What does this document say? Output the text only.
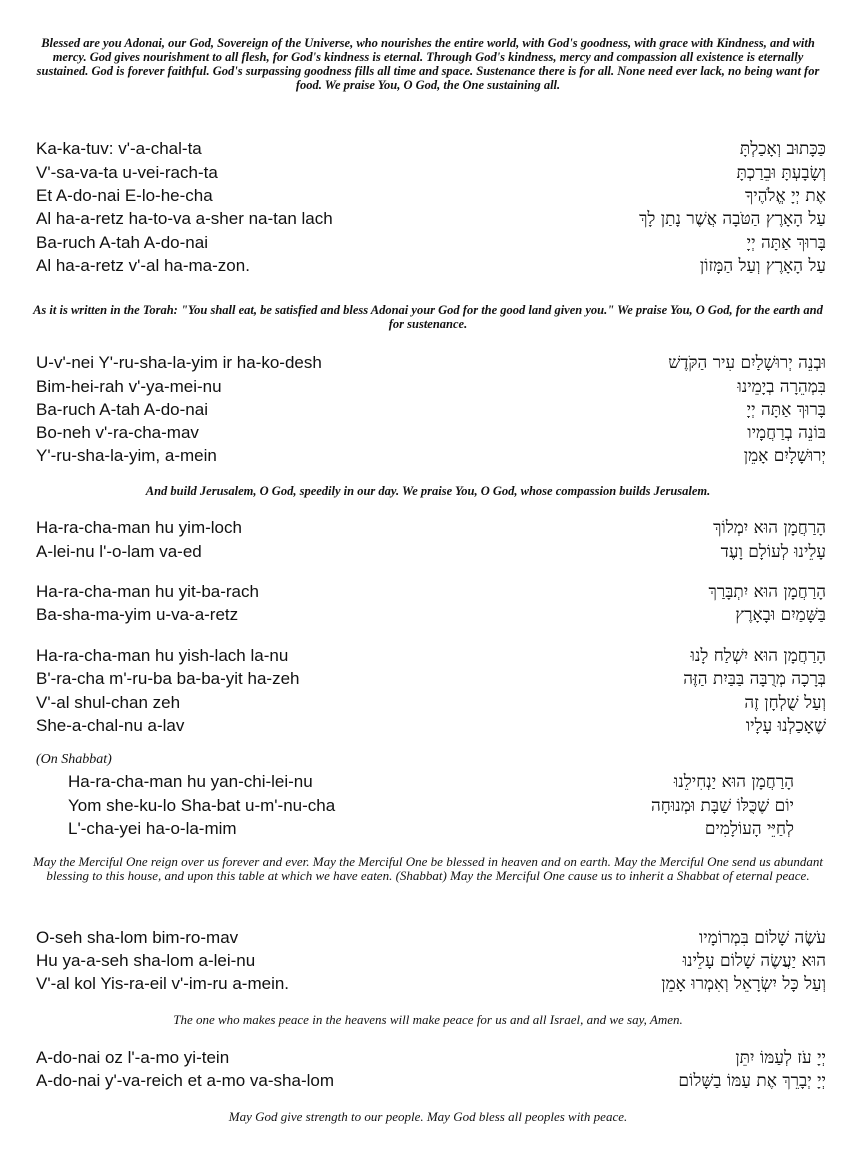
Blessed are you Adonai, our God, Sovereign of the Universe, who nourishes the entire world, with God's goodness, with grace with Kindness, and with mercy. God gives nourishment to all flesh, for God's kindness is eternal. Through God's kindness, mercy and compassion all existence is eternally sustained. God is forever faithful. God's surpassing goodness fills all time and space. Sustenance there is for all. None need ever lack, no being want for food. We praise You, O God, the One sustaining all.

Ka-ka-tuv: v'-a-chal-ta	כַּכָּתוּב וְאָכַלְתָּ
V'-sa-va-ta u-vei-rach-ta	וְשָׂבָעְתָּ וּבֵרַכְתָּ
Et A-do-nai E-lo-he-cha	אֶת יְיָ אֱלֹהֶיךָ
Al ha-a-retz ha-to-va a-sher na-tan lach	עַל הָאָרֶץ הַטֹּבָה אֲשֶׁר נָתַן לָךְ
Ba-ruch A-tah A-do-nai	בָּרוּךְ אַתָּה יְיָ
Al ha-a-retz v'-al ha-ma-zon.	עַל הָאָרֶץ וְעַל הַמָּזוֹן

As it is written in the Torah: "You shall eat, be satisfied and bless Adonai your God for the good land given you." We praise You, O God, for the earth and for sustenance.

U-v'-nei Y'-ru-sha-la-yim ir ha-ko-desh	וּבְנֵה יְרוּשָׁלַיִם עִיר הַקֹּדֶשׁ
Bim-hei-rah v'-ya-mei-nu	בִּמְהֵרָה בְיָמֵינוּ
Ba-ruch A-tah A-do-nai	בָּרוּךְ אַתָּה יְיָ
Bo-neh v'-ra-cha-mav	בּוֹנֵה בְרַחֲמָיו
Y'-ru-sha-la-yim, a-mein	יְרוּשָׁלָיִם אָמֵן

And build Jerusalem, O God, speedily in our day. We praise You, O God, whose compassion builds Jerusalem.

Ha-ra-cha-man hu yim-loch	הָרַחֲמָן הוּא יִמְלוֹךְ
A-lei-nu l'-o-lam va-ed	עָלֵינוּ לְעוֹלָם וָעֶד
Ha-ra-cha-man hu yit-ba-rach	הָרַחֲמָן הוּא יִתְבָּרַךְ
Ba-sha-ma-yim u-va-a-retz	בַּשָּׁמַיִם וּבָאָרֶץ
Ha-ra-cha-man hu yish-lach la-nu	הָרַחֲמָן הוּא יִשְׁלַח לָנוּ
B'-ra-cha m'-ru-ba ba-ba-yit ha-zeh	בְּרָכָה מְרֻבָּה בַּבַּיִת הַזֶּה
V'-al shul-chan zeh	וְעַל שֻׁלְחָן זֶה
She-a-chal-nu a-lav	שֶׁאָכַלְנוּ עָלָיו
(On Shabbat)
Ha-ra-cha-man hu yan-chi-lei-nu	הָרַחֲמָן הוּא יַנְחִילֵנוּ
Yom she-ku-lo Sha-bat u-m'-nu-cha	יוֹם שֶׁכֻּלּוֹ שַׁבָּת וּמְנוּחָה
L'-cha-yei ha-o-la-mim	לְחַיֵּי הָעוֹלָמִים

May the Merciful One reign over us forever and ever. May the Merciful One be blessed in heaven and on earth. May the Merciful One send us abundant blessing to this house, and upon this table at which we have eaten. (Shabbat) May the Merciful One cause us to inherit a Shabbat of eternal peace.

O-seh sha-lom bim-ro-mav	עֹשֶׂה שָׁלוֹם בִּמְרוֹמָיו
Hu ya-a-seh sha-lom a-lei-nu	הוּא יַעֲשֶׂה שָׁלוֹם עָלֵינוּ
V'-al kol Yis-ra-eil v'-im-ru a-mein.	וְעַל כָּל יִשְׂרָאֵל וְאִמְרוּ אָמֵן

The one who makes peace in the heavens will make peace for us and all Israel, and we say, Amen.

A-do-nai oz l'-a-mo yi-tein	יְיָ עֹז לְעַמּוֹ יִתֵּן
A-do-nai y'-va-reich et a-mo va-sha-lom	יְיָ יְבָרֵךְ אֶת עַמּוֹ בַשָּׁלוֹם

May God give strength to our people. May God bless all peoples with peace.
